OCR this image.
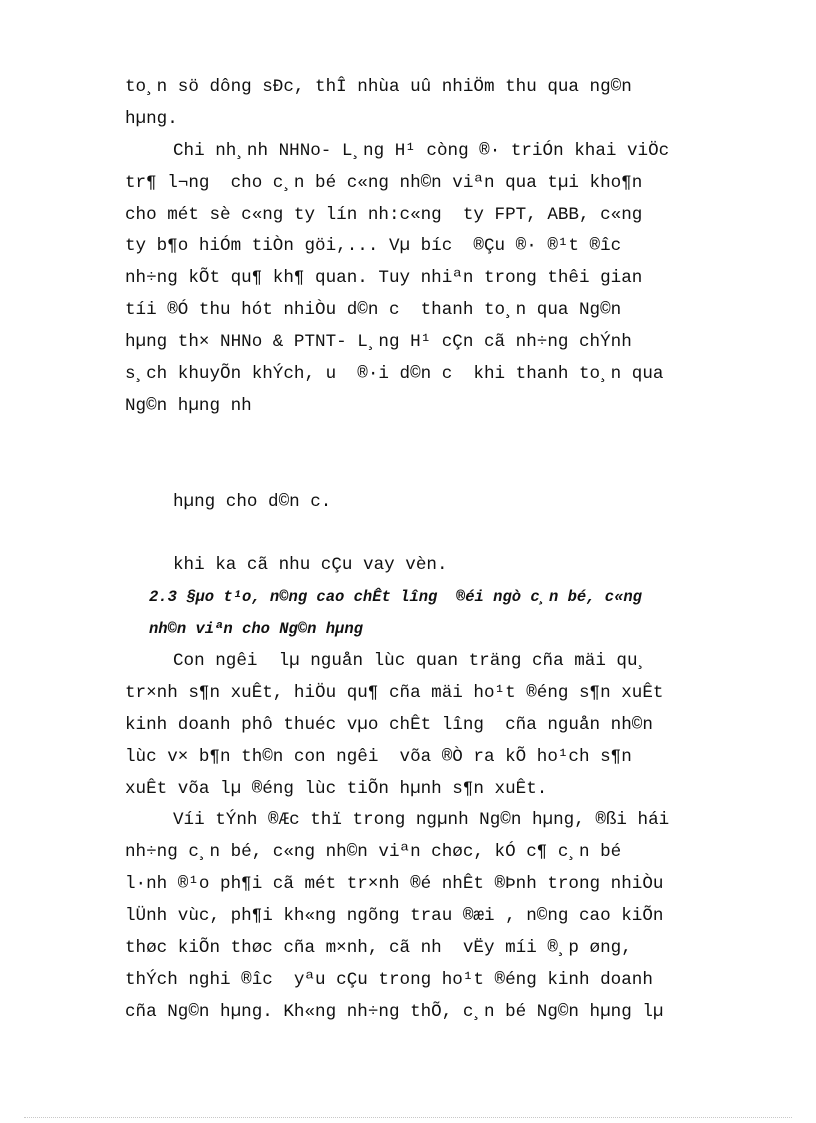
to¸n sö dông sÐc, thÎ nhùa uû nhiÖm thu qua ng©n
hµng.
Chi nh¸nh NHNo- L¸ng H¹ còng ®· triÓn khai viÖc
tr¶ l¬ng  cho c¸n bé c«ng nh©n viªn qua tµi kho¶n
cho mét sè c«ng ty lín nh:c«ng  ty FPT, ABB, c«ng
ty b¶o hiÓm tiÒn göi,... Vµ bíc  ®Çu ®· ®¹t ®îc
nh÷ng kÕt qu¶ kh¶ quan. Tuy nhiªn trong thêi gian
tíi ®Ó thu hót nhiÒu d©n c  thanh to¸n qua Ng©n
hµng th× NHNo & PTNT- L¸ng H¹ cÇn cã nh÷ng chÝnh
s¸ch khuyÕn khÝch, u  ®·i d©n c  khi thanh to¸n qua
Ng©n hµng nh

hµng cho d©n c.

khi ka cã nhu cÇu vay vèn.
2.3 §µo t¹o, n©ng cao chÊt lîng  ®éi ngò c¸n bé, c«ng
nh©n viªn cho Ng©n hµng
Con ngêi  lµ nguån lùc quan träng cña mäi qu¸
tr×nh s¶n xuÊt, hiÖu qu¶ cña mäi ho¹t ®éng s¶n xuÊt
kinh doanh phô thuéc vµo chÊt lîng  cña nguån nh©n
lùc v× b¶n th©n con ngêi  võa ®Ò ra kÕ ho¹ch s¶n
xuÊt võa lµ ®éng lùc tiÕn hµnh s¶n xuÊt.
Víi tÝnh ®Æc thï trong ngµnh Ng©n hµng, ®ßi hái
nh÷ng c¸n bé, c«ng nh©n viªn chøc, kÓ c¶ c¸n bé
l·nh ®¹o ph¶i cã mét tr×nh ®é nhÊt ®Þnh trong nhiÒu
lÜnh vùc, ph¶i kh«ng ngõng trau ®æi , n©ng cao kiÕn
thøc kiÕn thøc cña m×nh, cã nh  vËy míi ®¸p øng,
thÝch nghi ®îc  yªu cÇu trong ho¹t ®éng kinh doanh
cña Ng©n hµng. Kh«ng nh÷ng thÕ, c¸n bé Ng©n hµng lµ
